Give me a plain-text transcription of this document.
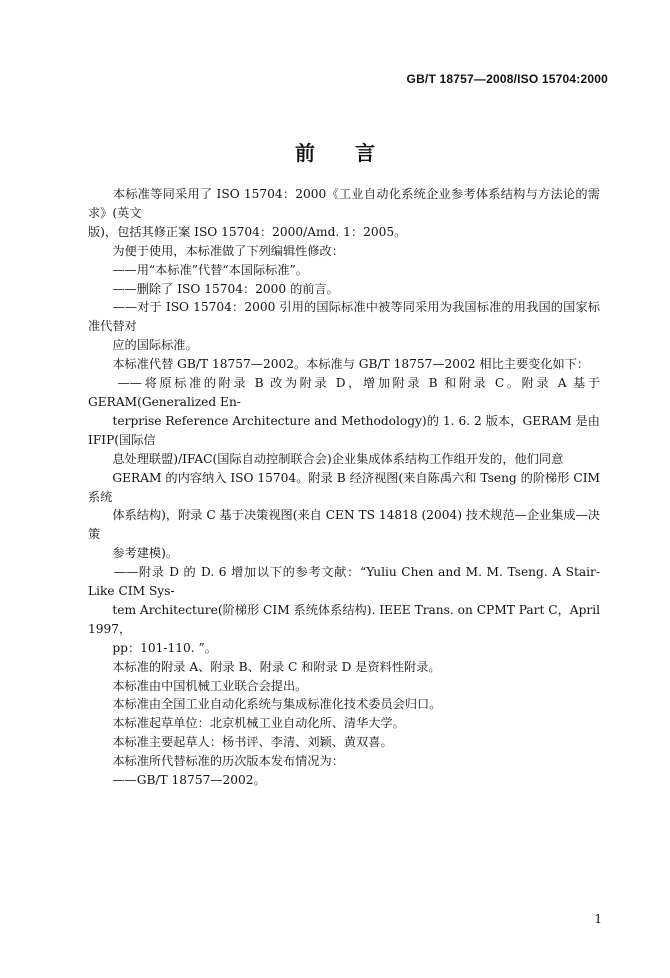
GB/T 18757—2008/ISO 15704:2000
前　　言

　　本标准等同采用了 ISO 15704：2000《工业自动化系统企业参考体系结构与方法论的需求》(英文
版)，包括其修正案 ISO 15704：2000/Amd. 1：2005。

　　为便于使用，本标准做了下列编辑性修改：

　　——用“本标准”代替“本国际标准”。

　　——删除了 ISO 15704：2000 的前言。

　　——对于 ISO 15704：2000 引用的国际标准中被等同采用为我国标准的用我国的国家标准代替对
　　应的国际标准。

　　本标准代替 GB/T 18757—2002。本标准与 GB/T 18757—2002 相比主要变化如下：

　　——将原标准的附录 B 改为附录 D，增加附录 B 和附录 C。附录 A 基于 GERAM(Generalized En-
　　terprise Reference Architecture and Methodology)的 1. 6. 2 版本，GERAM 是由 IFIP(国际信
　　息处理联盟)/IFAC(国际自动控制联合会)企业集成体系结构工作组开发的，他们同意
　　GERAM 的内容纳入 ISO 15704。附录 B 经济视图(来自陈禹六和 Tseng 的阶梯形 CIM 系统
　　体系结构)，附录 C 基于决策视图(来自 CEN TS 14818 (2004) 技术规范—企业集成—决策
　　参考建模)。

　　——附录 D 的 D. 6 增加以下的参考文献：“Yuliu Chen and M. M. Tseng. A Stair-Like CIM Sys-
　　tem Architecture(阶梯形 CIM 系统体系结构). IEEE Trans. on CPMT Part C，April 1997，
　　pp：101-110. ”。

　　本标准的附录 A、附录 B、附录 C 和附录 D 是资料性附录。

　　本标准由中国机械工业联合会提出。

　　本标准由全国工业自动化系统与集成标准化技术委员会归口。

　　本标准起草单位：北京机械工业自动化所、清华大学。

　　本标准主要起草人：杨书评、李清、刘颖、黄双喜。

　　本标准所代替标准的历次版本发布情况为：

　　——GB/T 18757—2002。

1
